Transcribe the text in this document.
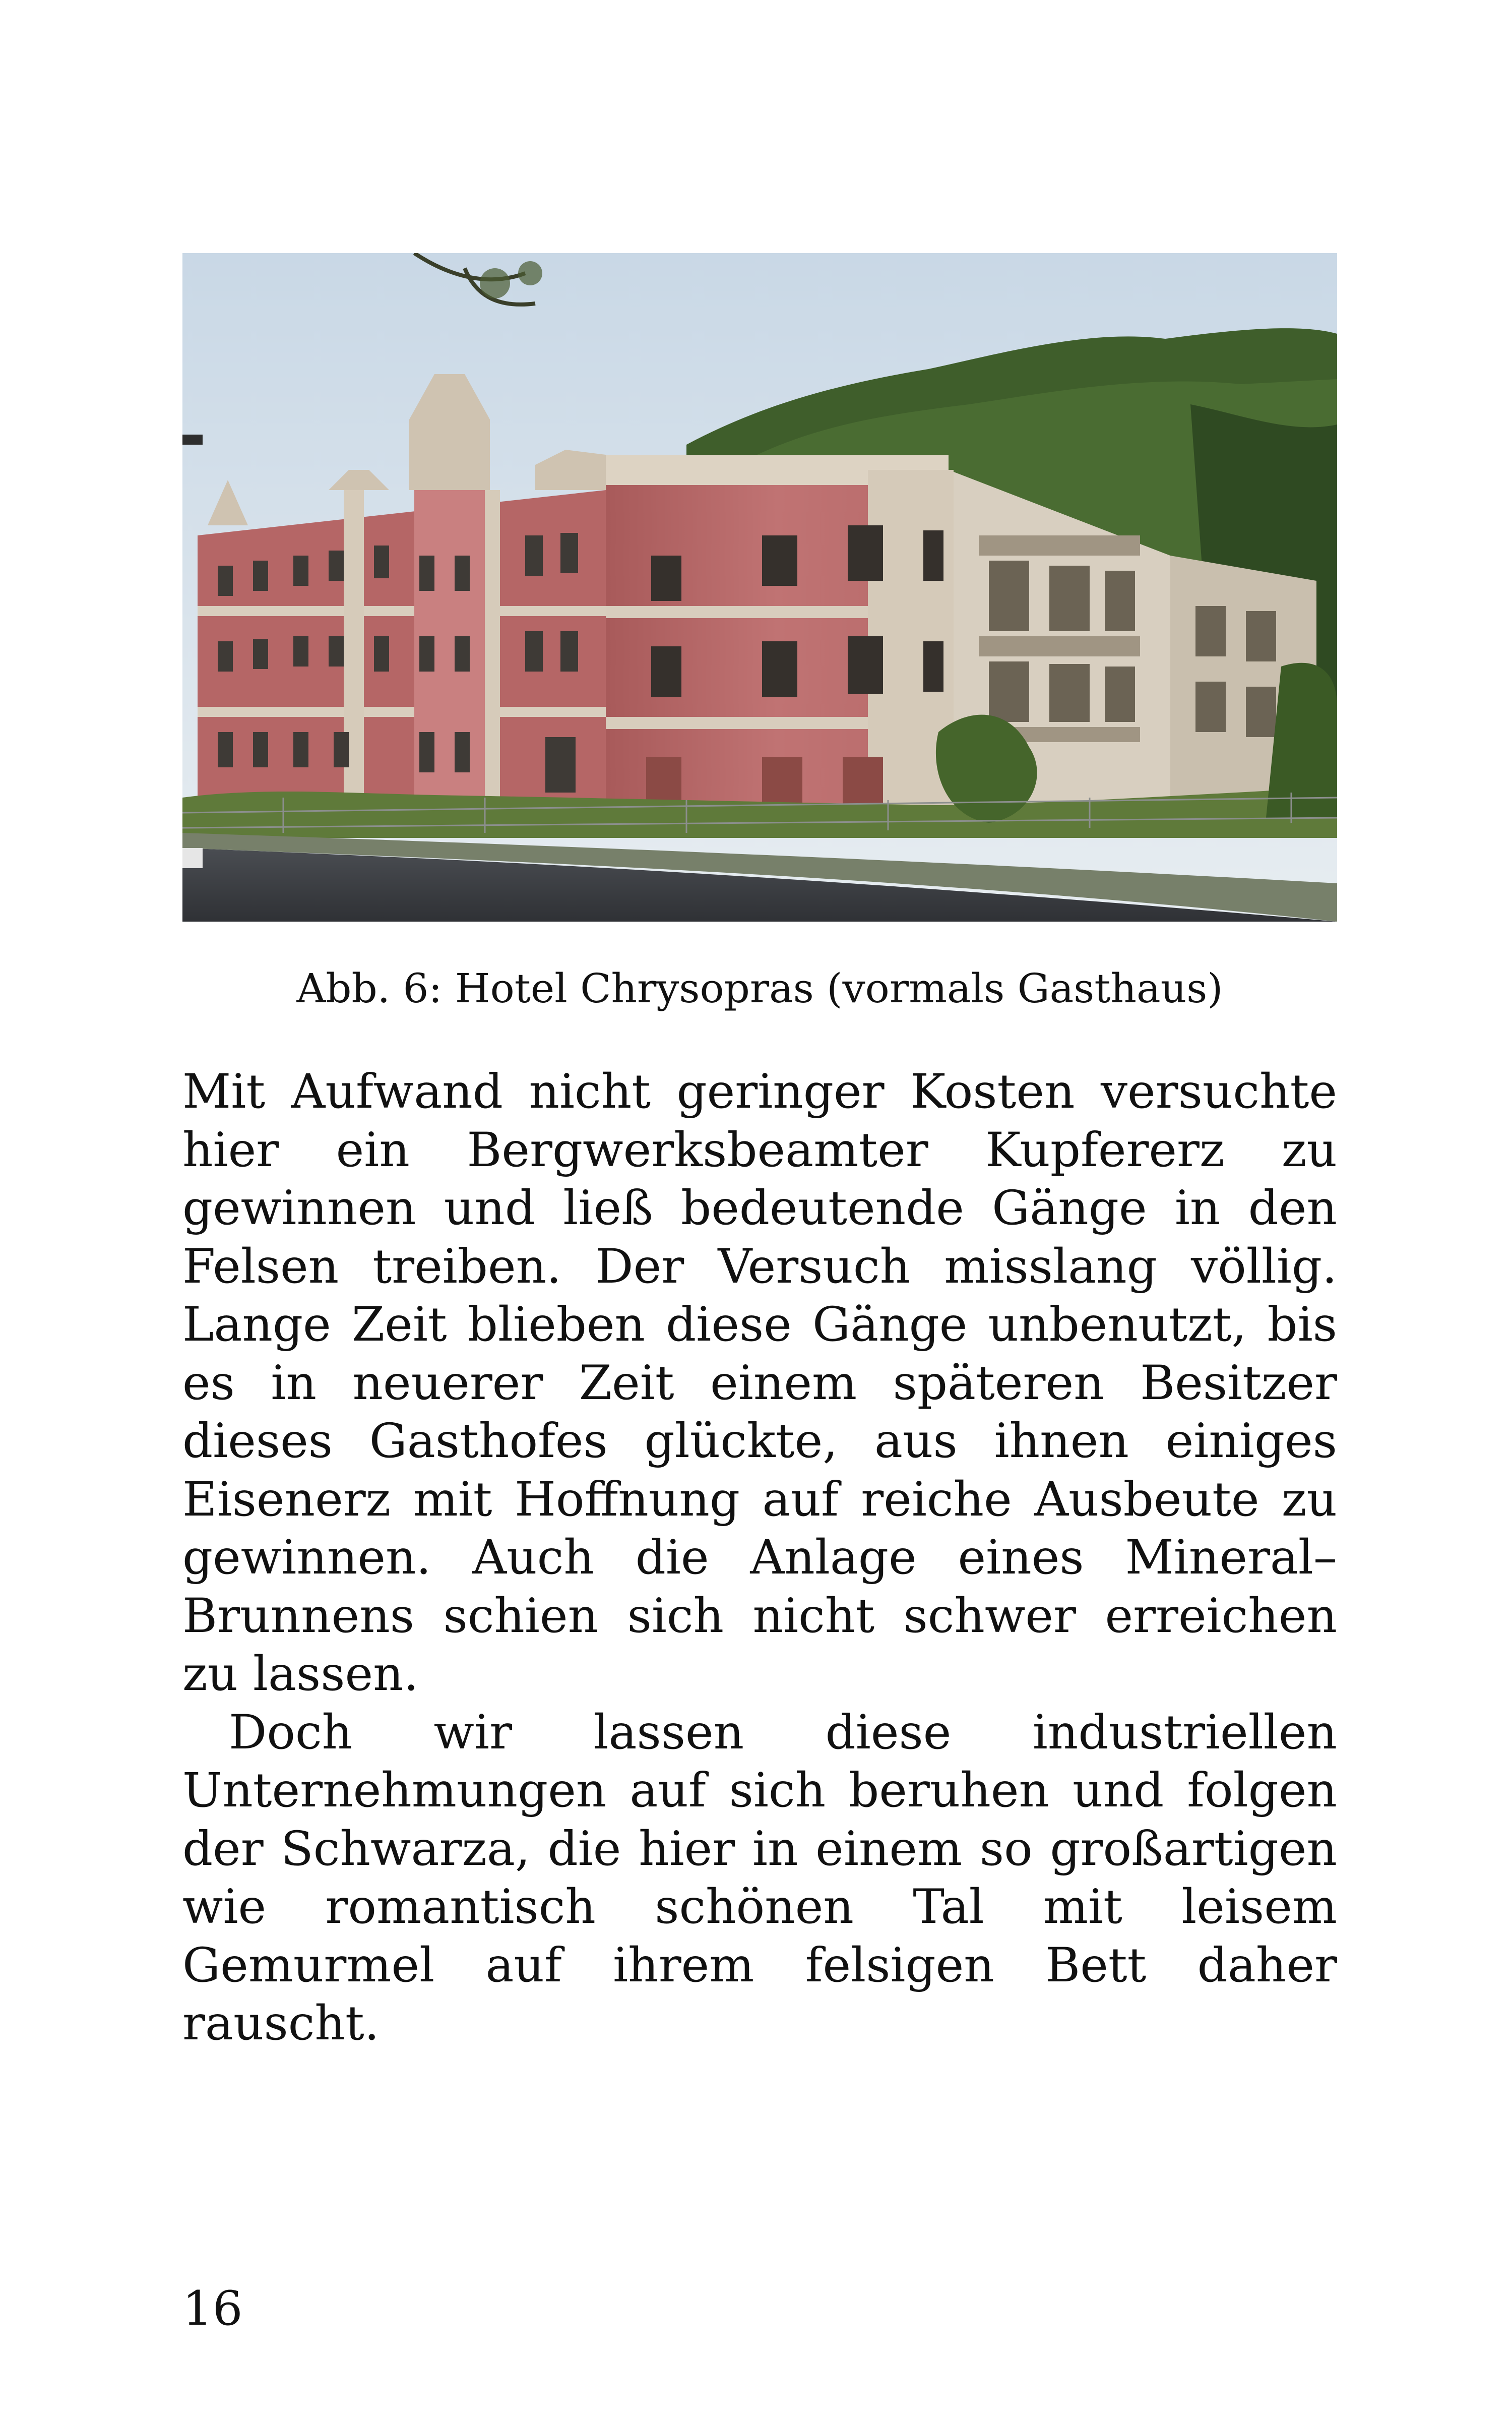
Abb. 6: Hotel Chrysopras (vormals Gasthaus)

Mit Aufwand nicht geringer Kosten versuchte hier ein Bergwerksbeamter Kupfererz zu gewinnen und ließ bedeutende Gänge in den Felsen treiben. Der Versuch misslang völlig. Lange Zeit blieben diese Gänge unbenutzt, bis es in neuerer Zeit einem späteren Besitzer dieses Gasthofes glückte, aus ihnen einiges Eisenerz mit Hoffnung auf reiche Ausbeute zu gewinnen. Auch die Anlage eines Mineral–Brunnens schien sich nicht schwer erreichen zu lassen.

Doch wir lassen diese industriellen Unternehmungen auf sich beruhen und folgen der Schwarza, die hier in einem so großartigen wie romantisch schönen Tal mit leisem Gemurmel auf ihrem felsigen Bett daher rauscht.

16
